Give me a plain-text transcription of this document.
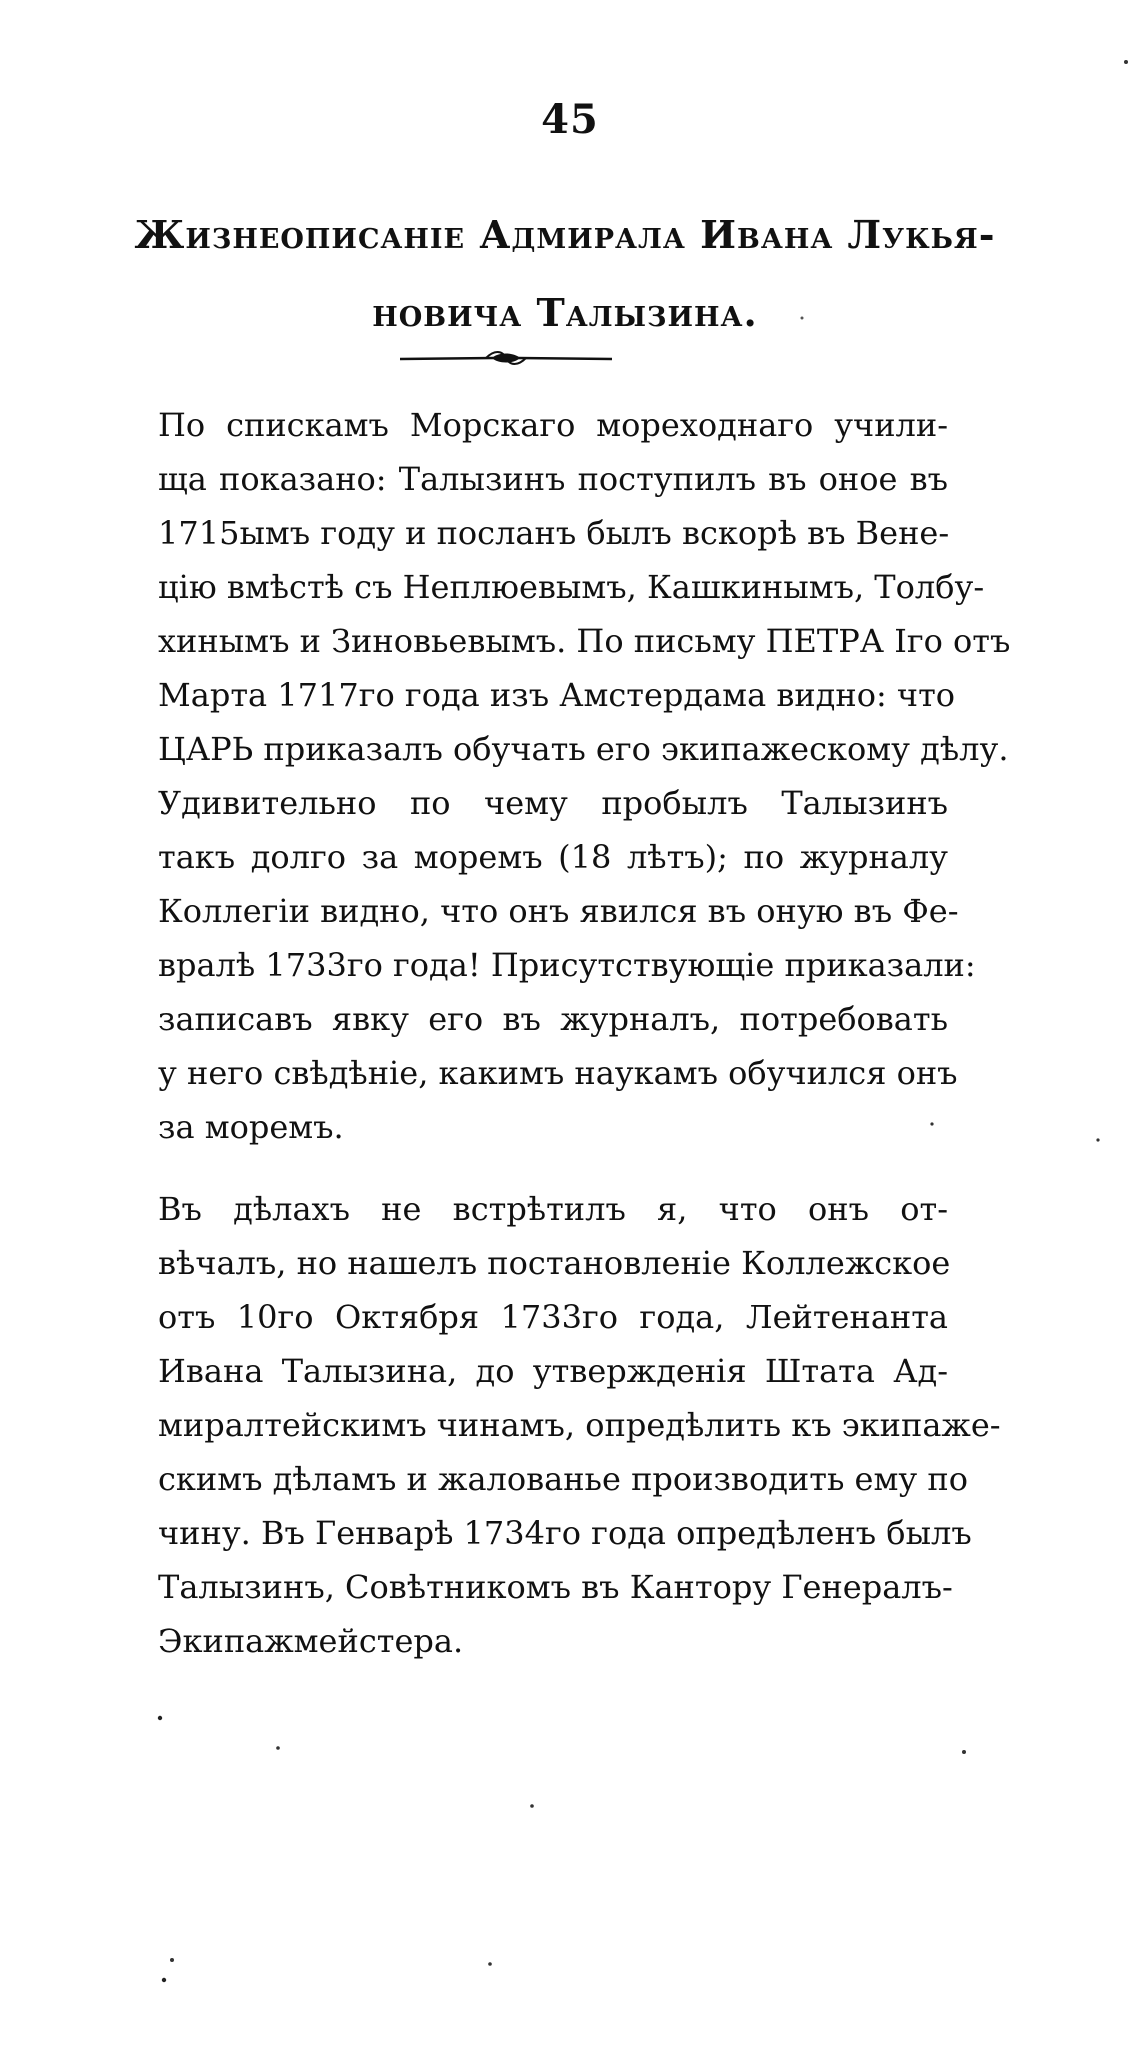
45
Жизнеописаніе Адмирала Ивана Лукья-
новича Талызина.

По спискамъ Морскаго мореходнаго учили-
ща показано: Талызинъ поступилъ въ оное въ
1715ымъ году и посланъ былъ вскорѣ въ Вене-
цію вмѣстѣ съ Неплюевымъ, Кашкинымъ, Толбу-
хинымъ и Зиновьевымъ. По письму ПЕТРА Iго отъ
Марта 1717го года изъ Амстердама видно: что
ЦАРЬ приказалъ обучать его экипажескому дѣлу.

Удивительно по чему пробылъ Талызинъ
такъ долго за моремъ (18 лѣтъ); по журналу
Коллегіи видно, что онъ явился въ оную въ Фе-
вралѣ 1733го года! Присутствующіе приказали:
записавъ явку его въ журналъ, потребовать
у него свѣдѣніе, какимъ наукамъ обучился онъ
за моремъ.

Въ дѣлахъ не встрѣтилъ я, что онъ от-
вѣчалъ, но нашелъ постановленіе Коллежское
отъ 10го Октября 1733го года, Лейтенанта
Ивана Талызина, до утвержденія Штата Ад-
миралтейскимъ чинамъ, опредѣлить къ экипаже-
скимъ дѣламъ и жалованье производить ему по
чину. Въ Генварѣ 1734го года опредѣленъ былъ
Талызинъ, Совѣтникомъ въ Кантору Генералъ-
Экипажмейстера.
